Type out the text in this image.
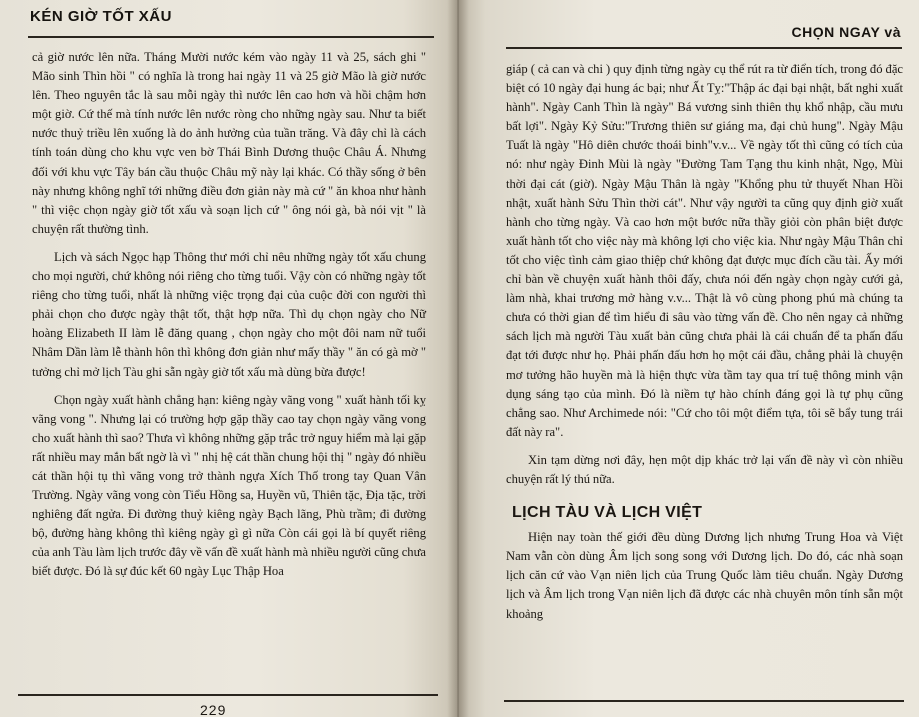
KÉN GIỜ TỐT XẤU

cả giờ nước lên nữa. Tháng Mười nước kém vào ngày 11 và 25, sách ghi " Mão sinh Thìn hồi " có nghĩa là trong hai ngày 11 và 25 giờ Mão là giờ nước lên. Theo nguyên tắc là sau mỗi ngày thì nước lên cao hơn và hồi chậm hơn một giờ. Cứ thế mà tính nước lên nước ròng cho những ngày sau. Như ta biết nước thuỷ triều lên xuống là do ảnh hưởng của tuần trăng. Và đây chỉ là cách tính toán dùng cho khu vực ven bờ Thái Bình Dương thuộc Châu Á. Nhưng đối với khu vực Tây bán cầu thuộc Châu mỹ này lại khác. Có thầy sống ở bên này nhưng không nghĩ tới những điều đơn giản này mà cứ " ăn khoa như hành " thì việc chọn ngày giờ tốt xấu và soạn lịch cứ " ông nói gà, bà nói vịt " là chuyện rất thường tình.

Lịch và sách Ngọc hạp Thông thư mới chỉ nêu những ngày tốt xấu chung cho mọi người, chứ không nói riêng cho từng tuổi. Vậy còn có những ngày tốt riêng cho từng tuổi, nhất là những việc trọng đại của cuộc đời con người thì phải chọn cho được ngày thật tốt, thật hợp nữa. Thì dụ chọn ngày cho Nữ hoàng Elizabeth II làm lễ đăng quang , chọn ngày cho một đôi nam nữ tuổi Nhâm Dần làm lễ thành hôn thì không đơn giản như mấy thầy " ăn có gà mờ " tưởng chỉ mở lịch Tàu ghi sẵn ngày giờ tốt xấu mà dùng bừa được!

Chọn ngày xuất hành chẳng hạn: kiêng ngày vãng vong " xuất hành tối kỵ vãng vong ". Nhưng lại có trường hợp gặp thầy cao tay chọn ngày vãng vong cho xuất hành thì sao? Thưa vì không những gặp trắc trở nguy hiểm mà lại gặp rất nhiều may mắn bất ngờ là vì " nhị hệ cát thần chung hội thị " ngày đó nhiều cát thần hội tụ thì vãng vong trở thành ngựa Xích Thố trong tay Quan Vân Trường. Ngày vãng vong còn Tiểu Hồng sa, Huyền vũ, Thiên tặc, Địa tặc, trời nghiêng đất ngửa. Đi đường thuỷ kiêng ngày Bạch lãng, Phù trầm; đi đường bộ, đường hàng không thì kiêng ngày gì gì nữa Còn cái gọi là bí quyết riêng của anh Tàu làm lịch trước đây về vấn đề xuất hành mà nhiều người cũng chưa biết được. Đó là sự đúc kết 60 ngày Lục Thập Hoa

229
CHỌN NGAY và

giáp ( cả can và chi ) quy định từng ngày cụ thể rút ra từ điển tích, trong đó đặc biệt có 10 ngày đại hung ác bại; như Ất Tỵ:"Thập ác đại bại nhật, bất nghi xuất hành". Ngày Canh Thìn là ngày" Bá vương sinh thiên thụ khổ nhập, cầu mưu bất lợi". Ngày Kỷ Sửu:"Trương thiên sư giáng ma, đại chủ hung". Ngày Mậu Tuất là ngày "Hô diên chước thoái binh"v.v... Về ngày tốt thì cũng có tích của nó: như ngày Đinh Mùi là ngày "Đường Tam Tạng thu kinh nhật, Ngọ, Mùi thời đại cát (giờ). Ngày Mậu Thân là ngày "Khổng phu tử thuyết Nhan Hồi nhật, xuất hành Sửu Thìn thời cát". Như vậy người ta cũng quy định giờ xuất hành cho từng ngày. Và cao hơn một bước nữa thầy giỏi còn phân biệt được xuất hành tốt cho việc này mà không lợi cho việc kia. Như ngày Mậu Thân chỉ tốt cho việc tình cảm giao thiệp chứ không đạt được mục đích cầu tài. Ấy mới chỉ bàn về chuyện xuất hành thôi đấy, chưa nói đến ngày chọn ngày cưới gả, làm nhà, khai trương mở hàng v.v... Thật là vô cùng phong phú mà chúng ta chưa có thời gian để tìm hiểu đi sâu vào từng vấn đề. Cho nên ngay cả những sách lịch mà người Tàu xuất bản cũng chưa phải là cái chuẩn để ta phấn đấu đạt tới được như họ. Phải phấn đấu hơn họ một cái đầu, chẳng phải là chuyện mơ tưởng hão huyền mà là hiện thực vừa tầm tay qua trí tuệ thông minh vận dụng sáng tạo của mình. Đó là niềm tự hào chính đáng gọi là tự phụ cũng chẳng sao. Như Archimede nói: "Cứ cho tôi một điểm tựa, tôi sẽ bẩy tung trái đất này ra".

Xin tạm dừng nơi đây, hẹn một dịp khác trở lại vấn đề này vì còn nhiều chuyện rất lý thú nữa.

LỊCH TÀU VÀ LỊCH VIỆT

Hiện nay toàn thế giới đều dùng Dương lịch nhưng Trung Hoa và Việt Nam vẫn còn dùng Âm lịch song song với Dương lịch. Do đó, các nhà soạn lịch căn cứ vào Vạn niên lịch của Trung Quốc làm tiêu chuẩn. Ngày Dương lịch và Âm lịch trong Vạn niên lịch đã được các nhà chuyên môn tính sẵn một khoảng
